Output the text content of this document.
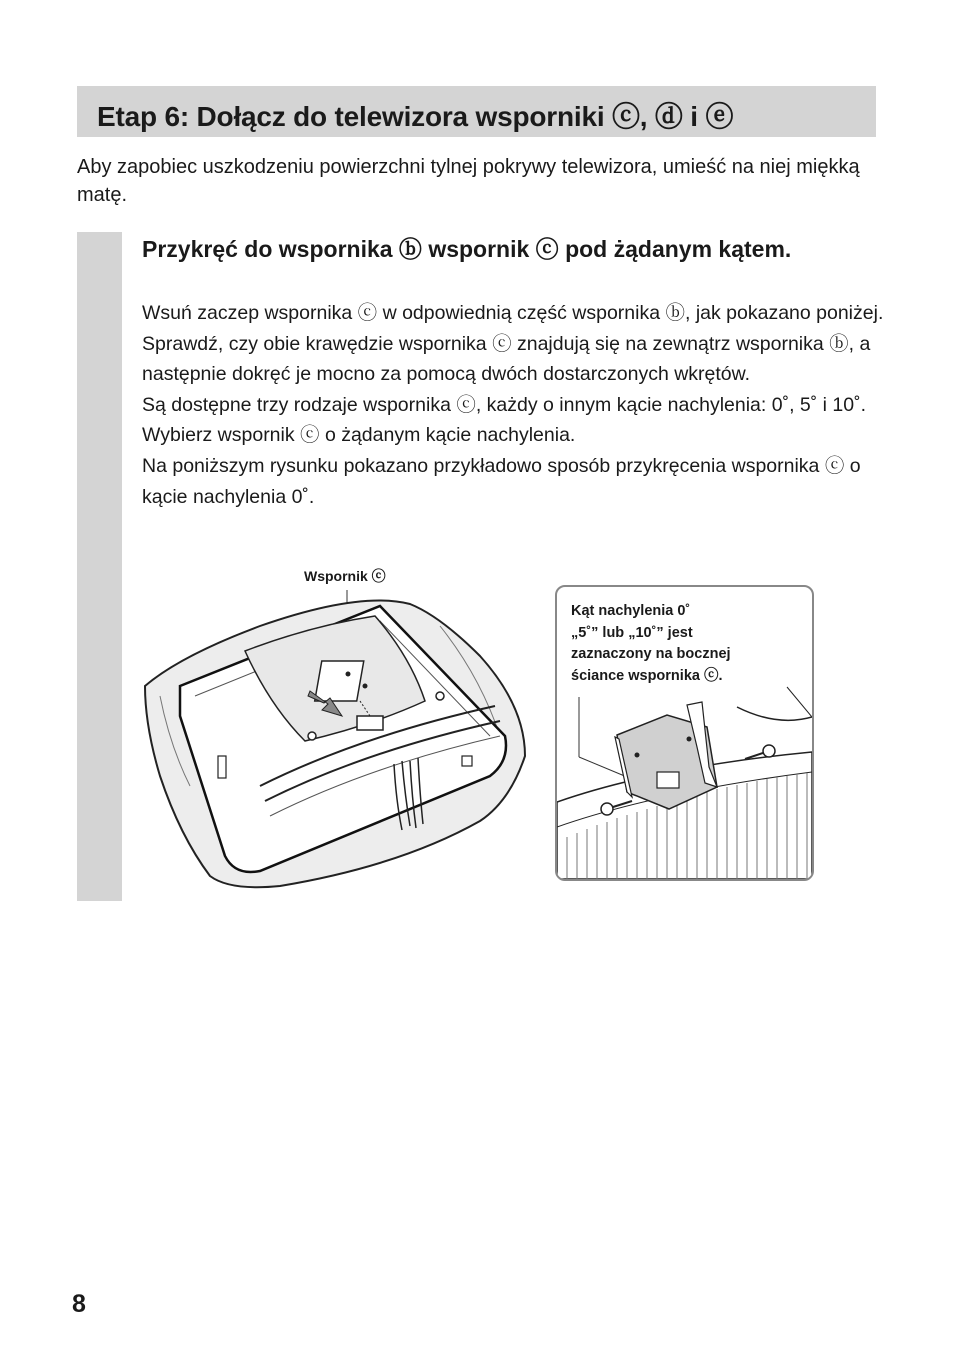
Etap 6: Dołącz do telewizora wsporniki ⓒ, ⓓ i ⓔ

Aby zapobiec uszkodzeniu powierzchni tylnej pokrywy telewizora, umieść na niej miękką matę.

Przykręć do wspornika ⓑ wspornik ⓒ pod żądanym kątem.

Wsuń zaczep wspornika ⓒ w odpowiednią część wspornika ⓑ, jak pokazano poniżej. Sprawdź, czy obie krawędzie wspornika ⓒ znajdują się na zewnątrz wspornika ⓑ, a następnie dokręć je mocno za pomocą dwóch dostarczonych wkrętów.

Są dostępne trzy rodzaje wspornika ⓒ, każdy o innym kącie nachylenia: 0˚, 5˚ i 10˚. Wybierz wspornik ⓒ o żądanym kącie nachylenia.

Na poniższym rysunku pokazano przykładowo sposób przykręcenia wspornika ⓒ o kącie nachylenia 0˚.

Wspornik ⓒ
Kąt nachylenia 0˚
„5˚” lub „10˚” jest
zaznaczony na bocznej
ściance wspornika ⓒ.

8
